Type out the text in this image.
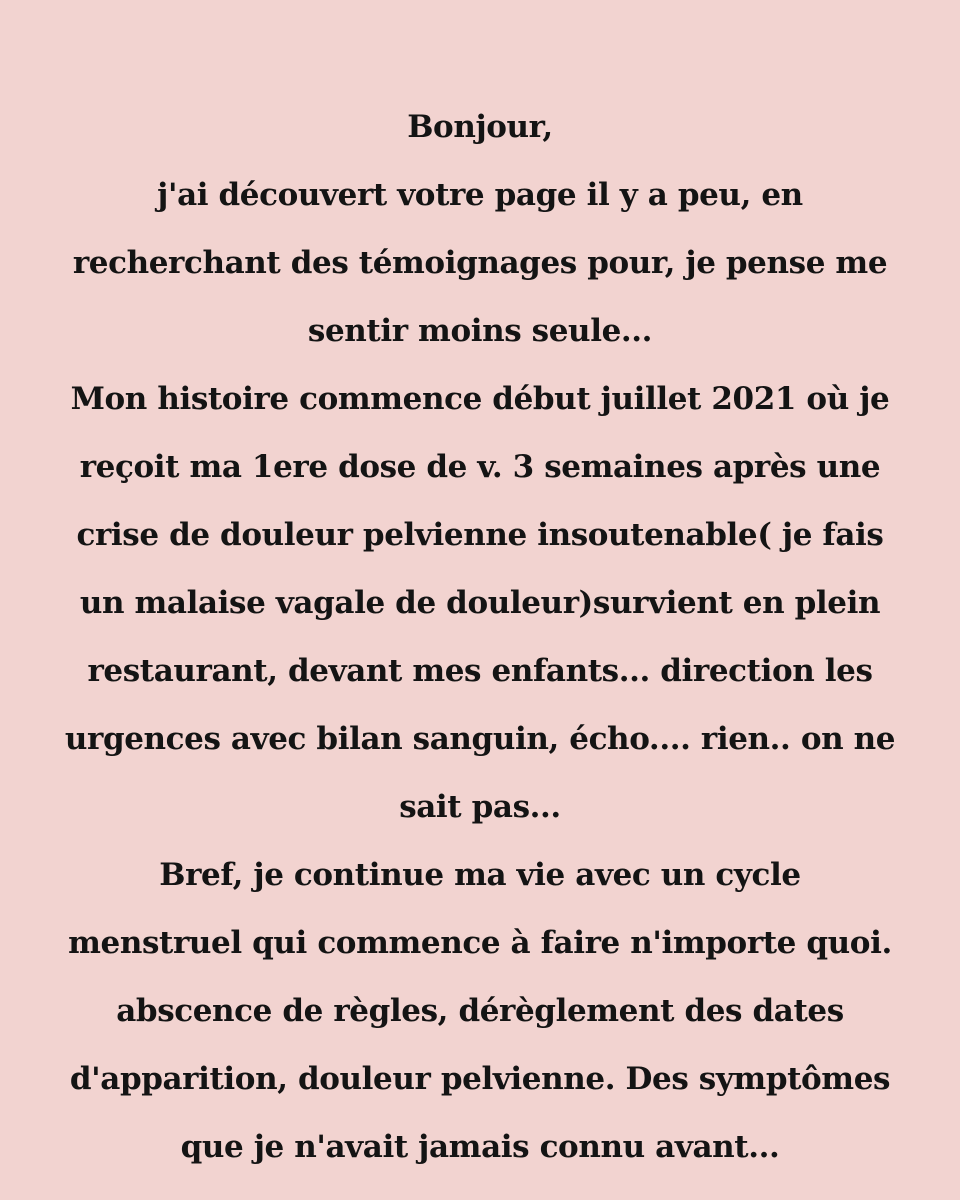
Bonjour,
j'ai découvert votre page il y a peu, en
recherchant des témoignages pour, je pense me
sentir moins seule...
Mon histoire commence début juillet 2021 où je
reçoit ma 1ere dose de v. 3 semaines après une
crise de douleur pelvienne insoutenable( je fais
un malaise vagale de douleur)survient en plein
restaurant, devant mes enfants... direction les
urgences avec bilan sanguin, écho.... rien.. on ne
sait pas...
Bref, je continue ma vie avec un cycle
menstruel qui commence à faire n'importe quoi.
abscence de règles, dérèglement des dates
d'apparition, douleur pelvienne. Des symptômes
que je n'avait jamais connu avant...
